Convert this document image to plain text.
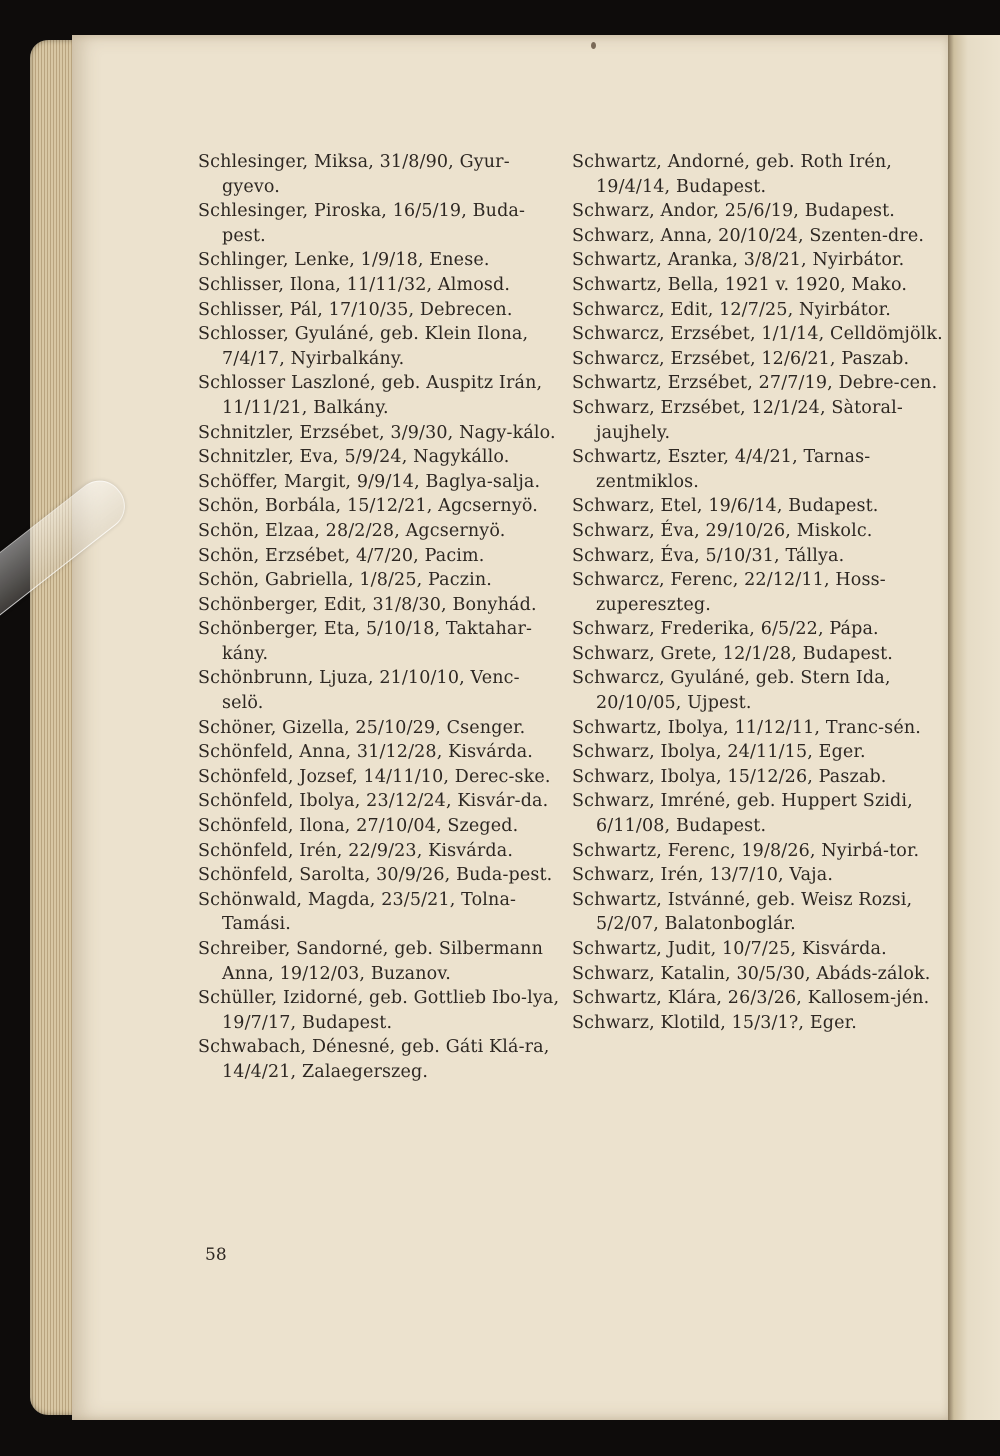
Schlesinger, Miksa, 31/8/90, Gyur-gyevo.
Schlesinger, Piroska, 16/5/19, Buda-pest.
Schlinger, Lenke, 1/9/18, Enese.
Schlisser, Ilona, 11/11/32, Almosd.
Schlisser, Pál, 17/10/35, Debrecen.
Schlosser, Gyuláné, geb. Klein Ilona, 7/4/17, Nyirbalkány.
Schlosser Laszloné, geb. Auspitz Irán, 11/11/21, Balkány.
Schnitzler, Erzsébet, 3/9/30, Nagy-kálo.
Schnitzler, Eva, 5/9/24, Nagykállo.
Schöffer, Margit, 9/9/14, Baglya-salja.
Schön, Borbála, 15/12/21, Agcsernyö.
Schön, Elzaa, 28/2/28, Agcsernyö.
Schön, Erzsébet, 4/7/20, Pacim.
Schön, Gabriella, 1/8/25, Paczin.
Schönberger, Edit, 31/8/30, Bonyhád.
Schönberger, Eta, 5/10/18, Taktahar-kány.
Schönbrunn, Ljuza, 21/10/10, Venc-selö.
Schöner, Gizella, 25/10/29, Csenger.
Schönfeld, Anna, 31/12/28, Kisvárda.
Schönfeld, Jozsef, 14/11/10, Derec-ske.
Schönfeld, Ibolya, 23/12/24, Kisvár-da.
Schönfeld, Ilona, 27/10/04, Szeged.
Schönfeld, Irén, 22/9/23, Kisvárda.
Schönfeld, Sarolta, 30/9/26, Buda-pest.
Schönwald, Magda, 23/5/21, Tolna-Tamási.
Schreiber, Sandorné, geb. Silbermann Anna, 19/12/03, Buzanov.
Schüller, Izidorné, geb. Gottlieb Ibo-lya, 19/7/17, Budapest.
Schwabach, Dénesné, geb. Gáti Klá-ra, 14/4/21, Zalaegerszeg.
Schwartz, Andorné, geb. Roth Irén, 19/4/14, Budapest.
Schwarz, Andor, 25/6/19, Budapest.
Schwarz, Anna, 20/10/24, Szenten-dre.
Schwartz, Aranka, 3/8/21, Nyirbátor.
Schwartz, Bella, 1921 v. 1920, Mako.
Schwarcz, Edit, 12/7/25, Nyirbátor.
Schwarcz, Erzsébet, 1/1/14, Celldömjölk.
Schwarcz, Erzsébet, 12/6/21, Paszab.
Schwartz, Erzsébet, 27/7/19, Debre-cen.
Schwarz, Erzsébet, 12/1/24, Sàtoral-jaujhely.
Schwartz, Eszter, 4/4/21, Tarnas-zentmiklos.
Schwarz, Etel, 19/6/14, Budapest.
Schwarz, Éva, 29/10/26, Miskolc.
Schwarz, Éva, 5/10/31, Tállya.
Schwarcz, Ferenc, 22/12/11, Hoss-zupereszteg.
Schwarz, Frederika, 6/5/22, Pápa.
Schwarz, Grete, 12/1/28, Budapest.
Schwarcz, Gyuláné, geb. Stern Ida, 20/10/05, Ujpest.
Schwartz, Ibolya, 11/12/11, Tranc-sén.
Schwarz, Ibolya, 24/11/15, Eger.
Schwarz, Ibolya, 15/12/26, Paszab.
Schwarz, Imréné, geb. Huppert Szidi, 6/11/08, Budapest.
Schwartz, Ferenc, 19/8/26, Nyirbá-tor.
Schwarz, Irén, 13/7/10, Vaja.
Schwartz, Istvánné, geb. Weisz Rozsi, 5/2/07, Balatonboglár.
Schwartz, Judit, 10/7/25, Kisvárda.
Schwarz, Katalin, 30/5/30, Abáds-zálok.
Schwartz, Klára, 26/3/26, Kallosem-jén.
Schwarz, Klotild, 15/3/1?, Eger.
58
